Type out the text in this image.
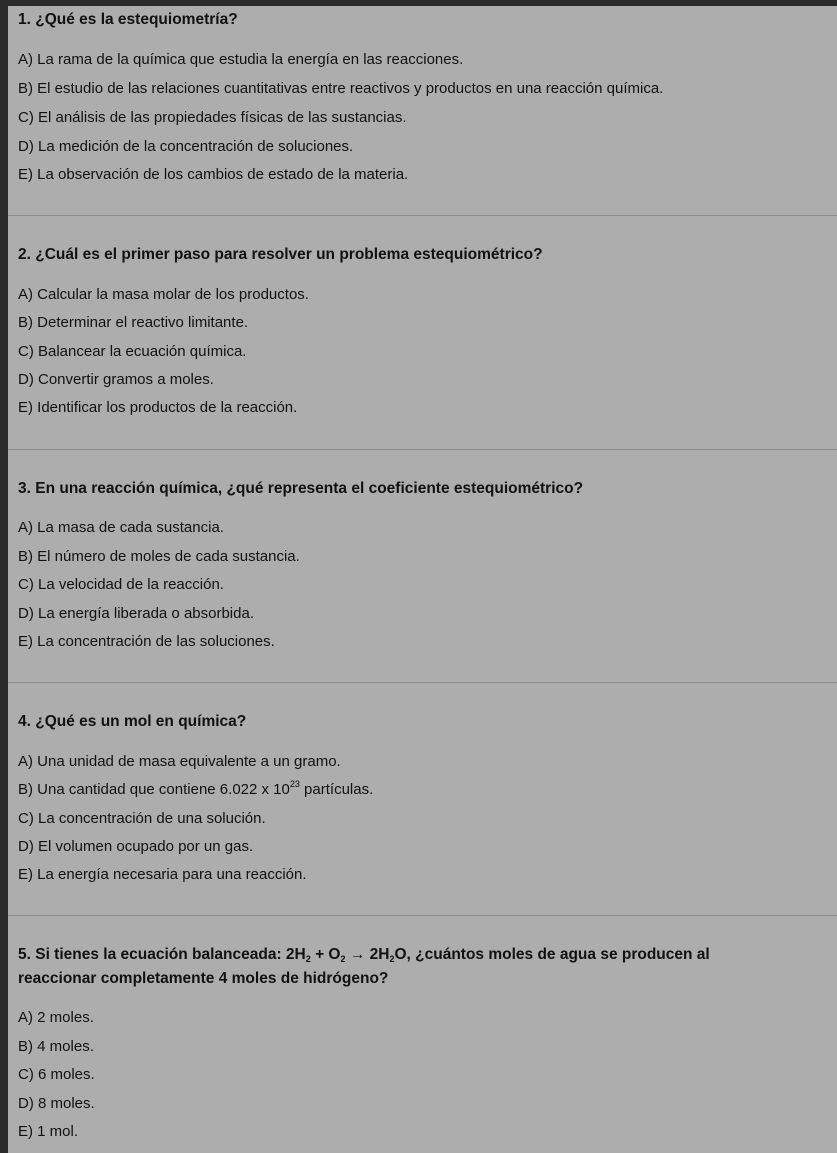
1. ¿Qué es la estequiometría?

A) La rama de la química que estudia la energía en las reacciones.

B) El estudio de las relaciones cuantitativas entre reactivos y productos en una reacción química.

C) El análisis de las propiedades físicas de las sustancias.

D) La medición de la concentración de soluciones.

E) La observación de los cambios de estado de la materia.

2. ¿Cuál es el primer paso para resolver un problema estequiométrico?

A) Calcular la masa molar de los productos.

B) Determinar el reactivo limitante.

C) Balancear la ecuación química.

D) Convertir gramos a moles.

E) Identificar los productos de la reacción.

3. En una reacción química, ¿qué representa el coeficiente estequiométrico?

A) La masa de cada sustancia.

B) El número de moles de cada sustancia.

C) La velocidad de la reacción.

D) La energía liberada o absorbida.

E) La concentración de las soluciones.

4. ¿Qué es un mol en química?

A) Una unidad de masa equivalente a un gramo.

B) Una cantidad que contiene 6.022 x $10^{23}$ partículas.

C) La concentración de una solución.

D) El volumen ocupado por un gas.

E) La energía necesaria para una reacción.

5. Si tienes la ecuación balanceada: $2H_2 + O_2 \to 2H_2O$, ¿cuántos moles de agua se producen al

reaccionar completamente 4 moles de hidrógeno?

A) 2 moles.

B) 4 moles.

C) 6 moles.

D) 8 moles.

E) 1 mol.
